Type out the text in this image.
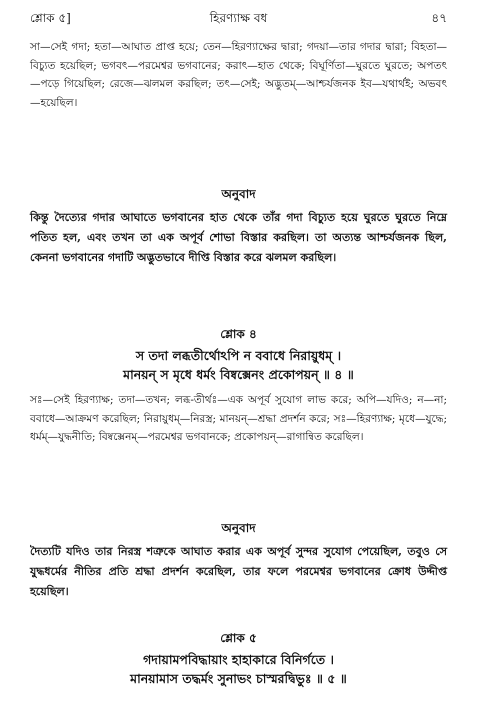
শ্লোক ৫]	হিরণ্যাক্ষ বধ	৪৭
সা—সেই গদা; হতা—আঘাত প্রাপ্ত হয়ে; তেন—হিরণ্যাক্ষের দ্বারা; গদয়া—তার গদার দ্বারা; বিহতা—বিচ্যুত হয়েছিল; ভগবৎ—পরমেশ্বর ভগবানের; করাৎ—হাত থেকে; বিঘূর্ণিতা—ঘুরতে ঘুরতে; অপতৎ—পড়ে গিয়েছিল; রেজে—ঝলমল করছিল; তৎ—সেই; অদ্ভুতম্—আশ্চর্যজনক ইব—যথার্থই; অভবৎ—হয়েছিল।
অনুবাদ
কিন্তু দৈত্যের গদার আঘাতে ভগবানের হাত থেকে তাঁর গদা বিচ্যুত হয়ে ঘুরতে ঘুরতে নিম্নে পতিত হল, এবং তখন তা এক অপূর্ব শোভা বিস্তার করছিল। তা অত্যন্ত আশ্চর্যজনক ছিল, কেননা ভগবানের গদাটি অদ্ভুতভাবে দীপ্তি বিস্তার করে ঝলমল করছিল।
শ্লোক ৪
স তদা লব্ধতীর্থোঽপি ন ববাধে নিরায়ুধম্ ।
মানয়ন্ স মৃধে ধর্মং বিষ্বক্সেনং প্রকোপয়ন্ ॥ ৪ ॥
সঃ—সেই হিরণ্যাক্ষ; তদা—তখন; লব্ধ-তীর্থঃ—এক অপূর্ব সুযোগ লাভ করে; অপি—যদিও; ন—না; ববাধে—আক্রমণ করেছিল; নিরায়ুধম্—নিরস্ত্র; মানয়ন্—শ্রদ্ধা প্রদর্শন করে; সঃ—হিরণ্যাক্ষ; মৃধে—যুদ্ধে; ধর্মম্—যুদ্ধনীতি; বিষ্বক্সেনম্—পরমেশ্বর ভগবানকে; প্রকোপয়ন্—রাগান্বিত করেছিল।
অনুবাদ
দৈত্যটি যদিও তার নিরস্ত্র শত্রুকে আঘাত করার এক অপূর্ব সুন্দর সুযোগ পেয়েছিল, তবুও সে যুদ্ধধর্মের নীতির প্রতি শ্রদ্ধা প্রদর্শন করেছিল, তার ফলে পরমেশ্বর ভগবানের ক্রোধ উদ্দীপ্ত হয়েছিল।
শ্লোক ৫
গদায়ামপবিদ্ধায়াং হাহাকারে বিনির্গতে ।
মানয়ামাস তদ্ধর্মং সুনাভং চাস্মরদ্বিভুঃ ॥ ৫ ॥
